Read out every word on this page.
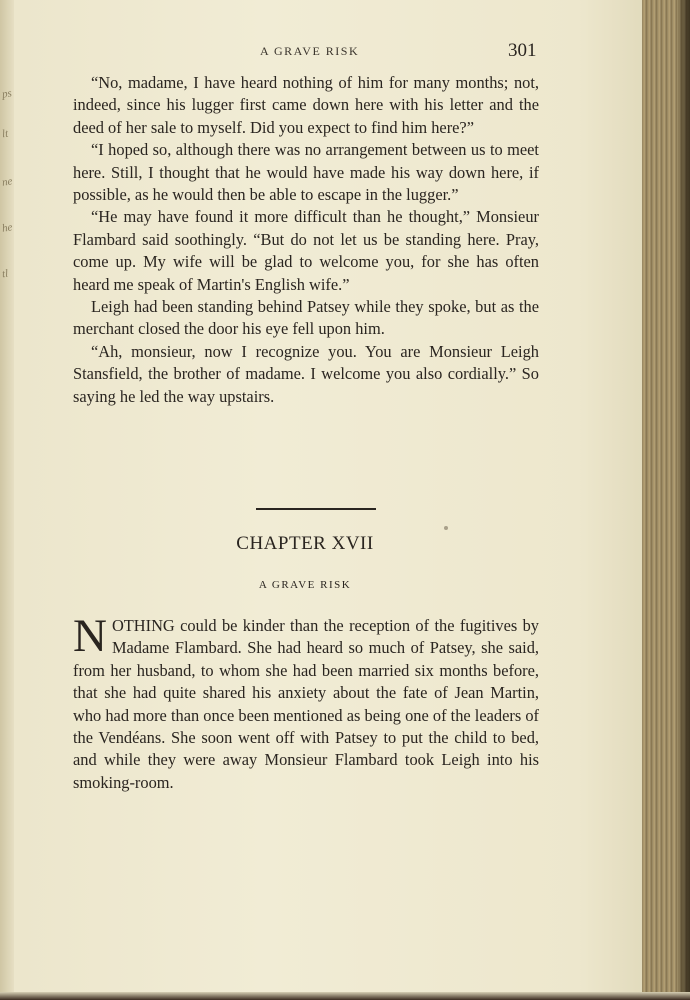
ps
lt
ne
he
tl
A GRAVE RISK	301

“No, madame, I have heard nothing of him for many months; not, indeed, since his lugger first came down here with his letter and the deed of her sale to myself. Did you expect to find him here?”

“I hoped so, although there was no arrangement between us to meet here. Still, I thought that he would have made his way down here, if possible, as he would then be able to escape in the lugger.”

“He may have found it more difficult than he thought,” Monsieur Flambard said soothingly. “But do not let us be standing here. Pray, come up. My wife will be glad to welcome you, for she has often heard me speak of Martin's English wife.”

Leigh had been standing behind Patsey while they spoke, but as the merchant closed the door his eye fell upon him.

“Ah, monsieur, now I recognize you. You are Monsieur Leigh Stansfield, the brother of madame. I welcome you also cordially.” So saying he led the way upstairs.

CHAPTER XVII
A GRAVE RISK

NOTHING could be kinder than the reception of the fugitives by Madame Flambard. She had heard so much of Patsey, she said, from her husband, to whom she had been married six months before, that she had quite shared his anxiety about the fate of Jean Martin, who had more than once been mentioned as being one of the leaders of the Vendéans. She soon went off with Patsey to put the child to bed, and while they were away Monsieur Flambard took Leigh into his smoking-room.
